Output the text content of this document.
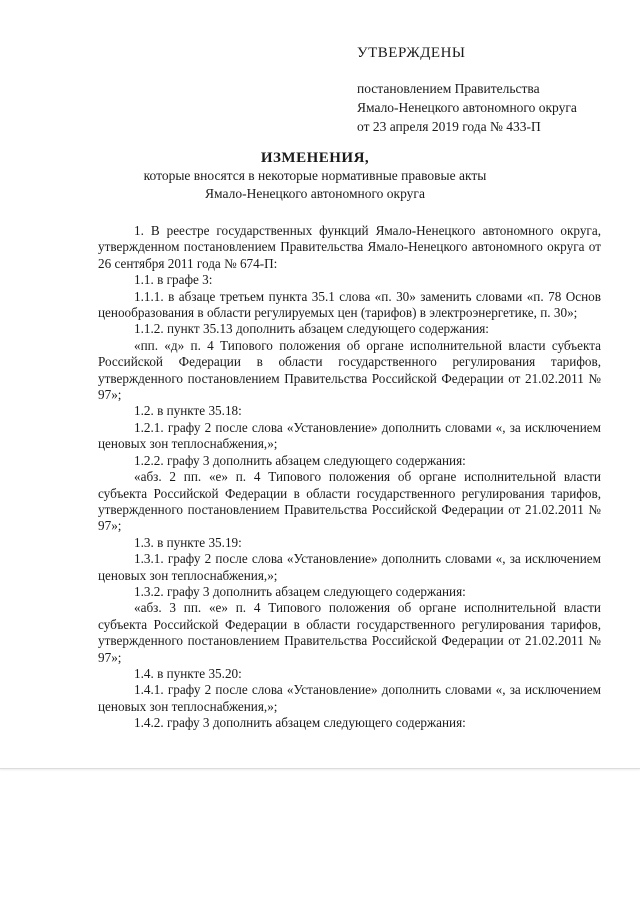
УТВЕРЖДЕНЫ

постановлением Правительства

Ямало-Ненецкого автономного округа

от 23 апреля 2019 года № 433-П

ИЗМЕНЕНИЯ,

которые вносятся в некоторые нормативные правовые акты

Ямало-Ненецкого автономного округа

1. В реестре государственных функций Ямало-Ненецкого автономного округа, утвержденном постановлением Правительства Ямало-Ненецкого автономного округа от 26 сентября 2011 года № 674-П:

1.1. в графе 3:

1.1.1. в абзаце третьем пункта 35.1 слова «п. 30» заменить словами «п. 78 Основ ценообразования в области регулируемых цен (тарифов) в электроэнергетике, п. 30»;

1.1.2. пункт 35.13 дополнить абзацем следующего содержания:

«пп. «д» п. 4 Типового положения об органе исполнительной власти субъекта Российской Федерации в области государственного регулирования тарифов, утвержденного постановлением Правительства Российской Федерации от 21.02.2011 № 97»;

1.2. в пункте 35.18:

1.2.1. графу 2 после слова «Установление» дополнить словами «, за исключением ценовых зон теплоснабжения,»;

1.2.2. графу 3 дополнить абзацем следующего содержания:

«абз. 2 пп. «е» п. 4 Типового положения об органе исполнительной власти субъекта Российской Федерации в области государственного регулирования тарифов, утвержденного постановлением Правительства Российской Федерации от 21.02.2011 № 97»;

1.3. в пункте 35.19:

1.3.1. графу 2 после слова «Установление» дополнить словами «, за исключением ценовых зон теплоснабжения,»;

1.3.2. графу 3 дополнить абзацем следующего содержания:

«абз. 3 пп. «е» п. 4 Типового положения об органе исполнительной власти субъекта Российской Федерации в области государственного регулирования тарифов, утвержденного постановлением Правительства Российской Федерации от 21.02.2011 № 97»;

1.4. в пункте 35.20:

1.4.1. графу 2 после слова «Установление» дополнить словами «, за исключением ценовых зон теплоснабжения,»;

1.4.2. графу 3 дополнить абзацем следующего содержания:
